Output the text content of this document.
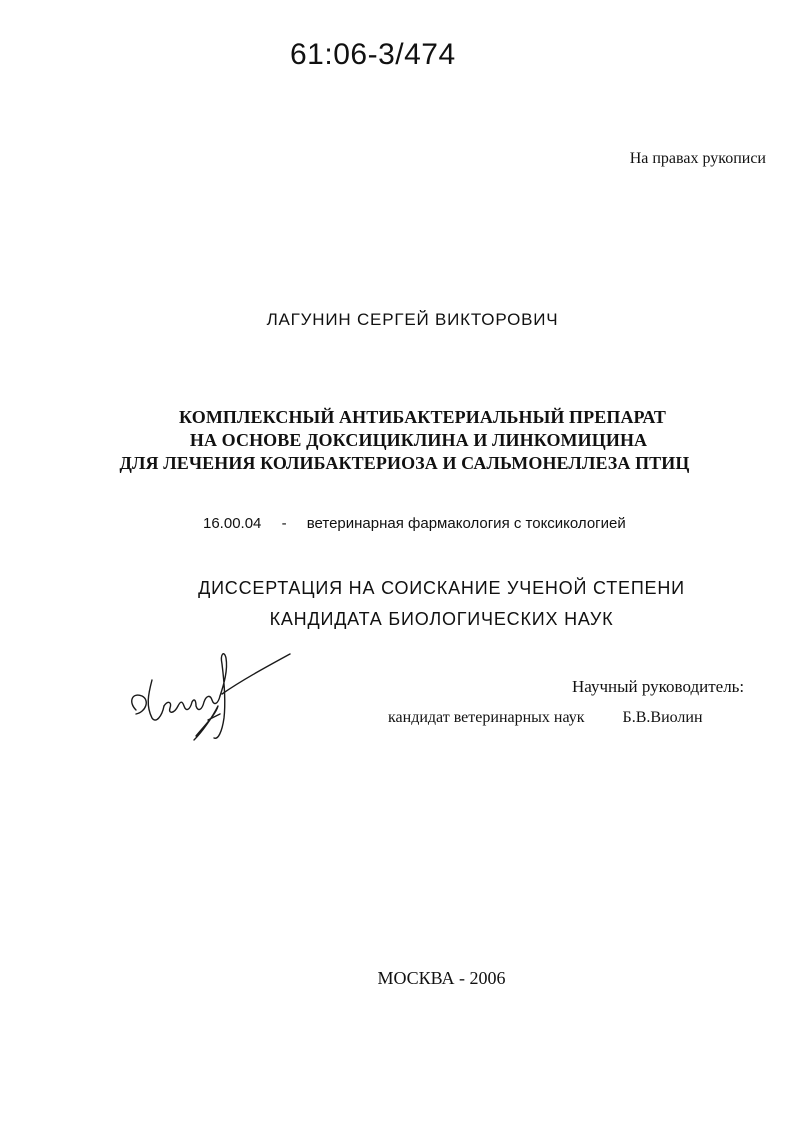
61:06-3/474
На правах рукописи
ЛАГУНИН СЕРГЕЙ ВИКТОРОВИЧ
КОМПЛЕКСНЫЙ АНТИБАКТЕРИАЛЬНЫЙ ПРЕПАРАТ
НА ОСНОВЕ ДОКСИЦИКЛИНА И ЛИНКОМИЦИНА
ДЛЯ ЛЕЧЕНИЯ КОЛИБАКТЕРИОЗА И САЛЬМОНЕЛЛЕЗА ПТИЦ
16.00.04 - ветеринарная фармакология с токсикологией
ДИССЕРТАЦИЯ НА СОИСКАНИЕ УЧЕНОЙ СТЕПЕНИ
КАНДИДАТА БИОЛОГИЧЕСКИХ НАУК
Научный руководитель:
кандидат ветеринарных наук Б.В.Виолин
МОСКВА - 2006
